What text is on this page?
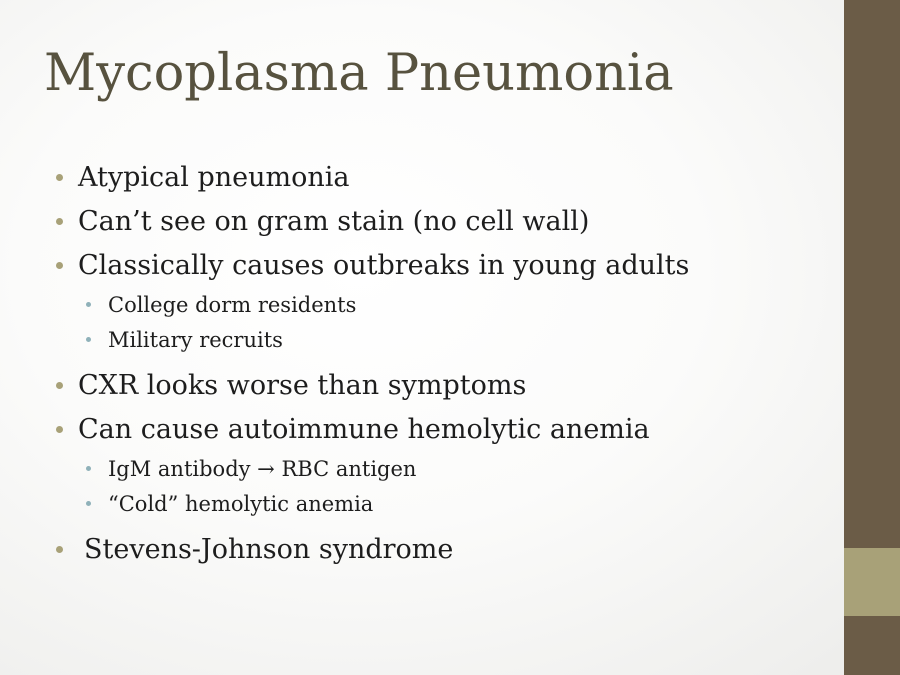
Mycoplasma Pneumonia
Atypical pneumonia
Can’t see on gram stain (no cell wall)
Classically causes outbreaks in young adults
College dorm residents
Military recruits
CXR looks worse than symptoms
Can cause autoimmune hemolytic anemia
IgM antibody → RBC antigen
“Cold” hemolytic anemia
Stevens-Johnson syndrome
